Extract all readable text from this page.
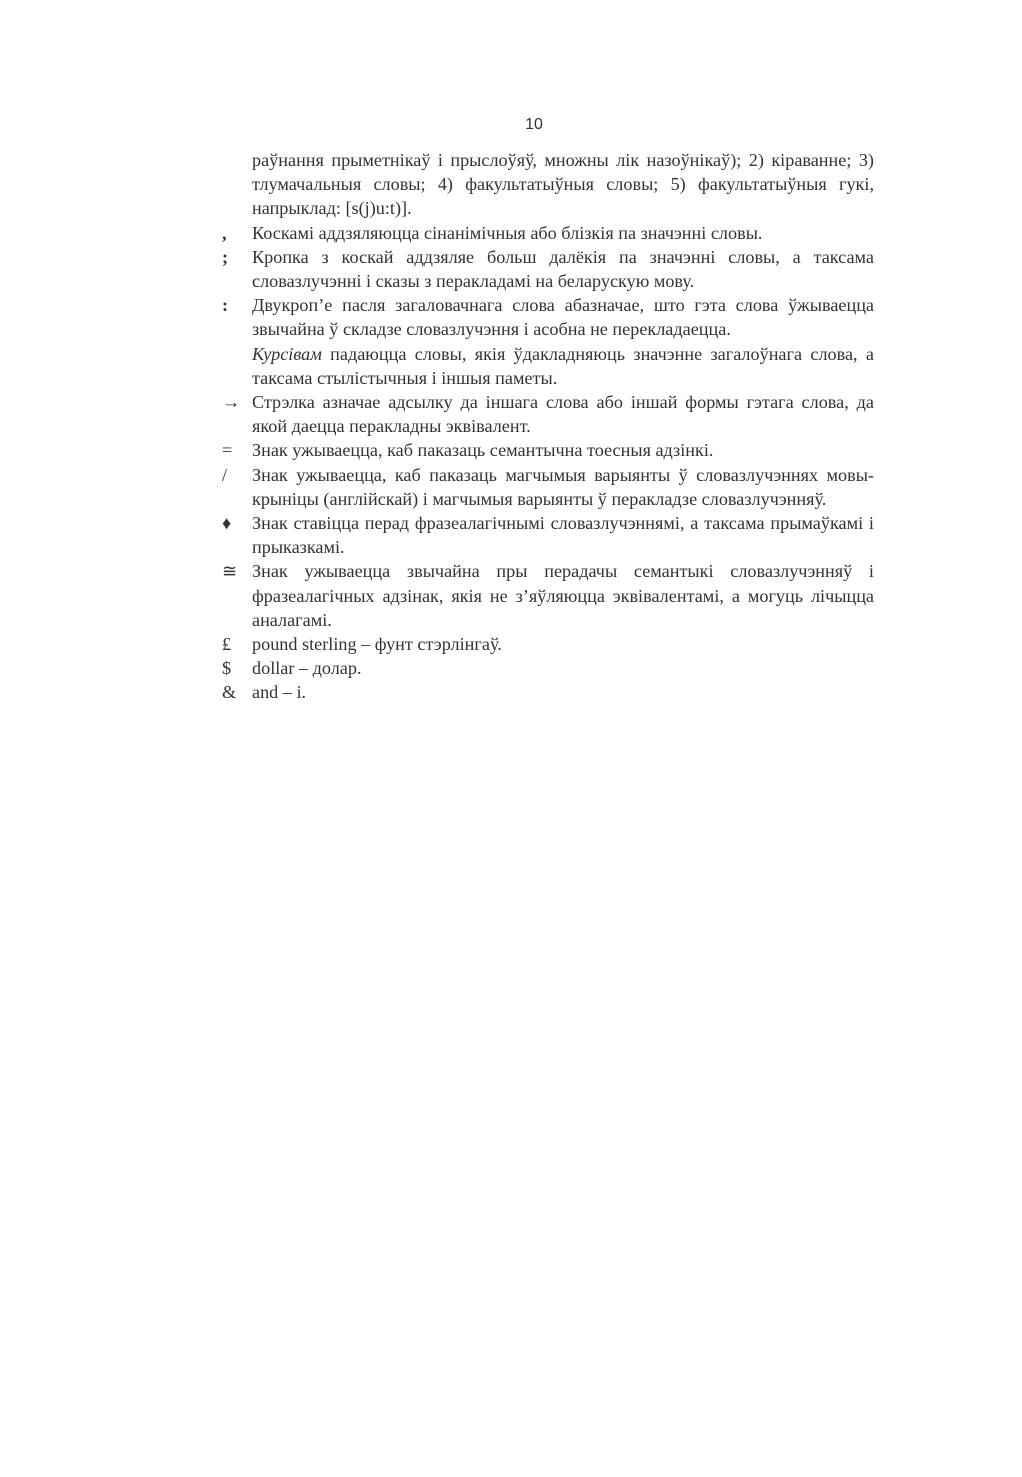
10
раўнання прыметнікаў і прыслоўяў, множны лік назоўнікаў); 2) кіраванне; 3) тлумачальныя словы; 4) факультатыўныя словы; 5) факультатыўныя гукі, напрыклад: [s(j)u:t)].
,	Коскамі аддзяляюцца сінанімічныя або блізкія па значэнні словы.
;	Кропка з коскай аддзяляе больш далёкія па значэнні словы, а таксама словазлучэнні і сказы з перакладамі на беларускую мову.
:	Двукроп’е пасля загаловачнага слова абазначае, што гэта слова ўжываецца звычайна ў складзе словазлучэння і асобна не перекладаецца.
Курсівам падаюцца словы, якія ўдакладняюць значэнне загалоўнага слова, а таксама стылістычныя і іншыя паметы.
→ Стрэлка азначае адсылку да іншага слова або іншай формы гэтага слова, да якой даецца перакладны эквівалент.
=	Знак ужываецца, каб паказаць семантычна тоесныя адзінкі.
/	Знак ужываецца, каб паказаць магчымыя варыянты ў словазлучэннях мовы-крыніцы (англійскай) і магчымыя варыянты ў перакладзе словазлучэнняў.
♦	Знак ставіцца перад фразеалагічнымі словазлучэннямі, а таксама прымаўкамі і прыказкамі.
≅ Знак ужываецца звычайна пры перадачы семантыкі словазлучэнняў і фразеалагічных адзінак, якія не з’яўляюцца эквівалентамі, а могуць лічыцца аналагамі.
₤	pound sterling – фунт стэрлінгаў.
$	dollar – долар.
& and – і.
